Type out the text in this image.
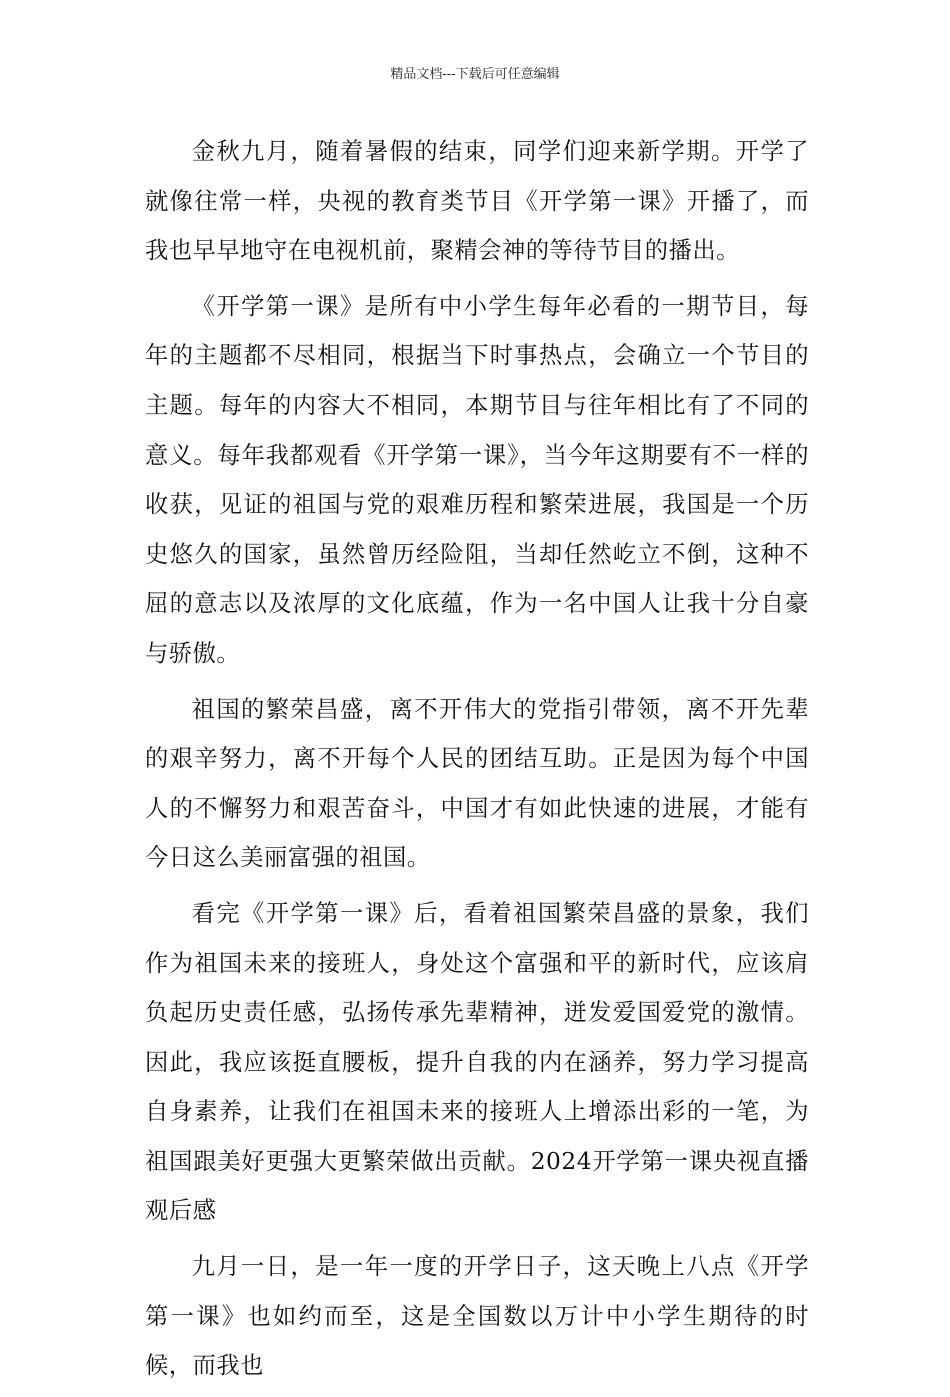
精品文档---下载后可任意编辑

金秋九月，随着暑假的结束，同学们迎来新学期。开学了就像往常一样，央视的教育类节目《开学第一课》开播了，而我也早早地守在电视机前，聚精会神的等待节目的播出。

《开学第一课》是所有中小学生每年必看的一期节目，每年的主题都不尽相同，根据当下时事热点，会确立一个节目的主题。每年的内容大不相同，本期节目与往年相比有了不同的意义。每年我都观看《开学第一课》，当今年这期要有不一样的收获，见证的祖国与党的艰难历程和繁荣进展，我国是一个历史悠久的国家，虽然曾历经险阻，当却任然屹立不倒，这种不屈的意志以及浓厚的文化底蕴，作为一名中国人让我十分自豪与骄傲。

祖国的繁荣昌盛，离不开伟大的党指引带领，离不开先辈的艰辛努力，离不开每个人民的团结互助。正是因为每个中国人的不懈努力和艰苦奋斗，中国才有如此快速的进展，才能有今日这么美丽富强的祖国。

看完《开学第一课》后，看着祖国繁荣昌盛的景象，我们作为祖国未来的接班人，身处这个富强和平的新时代，应该肩负起历史责任感，弘扬传承先辈精神，迸发爱国爱党的激情。因此，我应该挺直腰板，提升自我的内在涵养，努力学习提高自身素养，让我们在祖国未来的接班人上增添出彩的一笔，为祖国跟美好更强大更繁荣做出贡献。2024开学第一课央视直播观后感

九月一日，是一年一度的开学日子，这天晚上八点《开学第一课》也如约而至，这是全国数以万计中小学生期待的时候，而我也
